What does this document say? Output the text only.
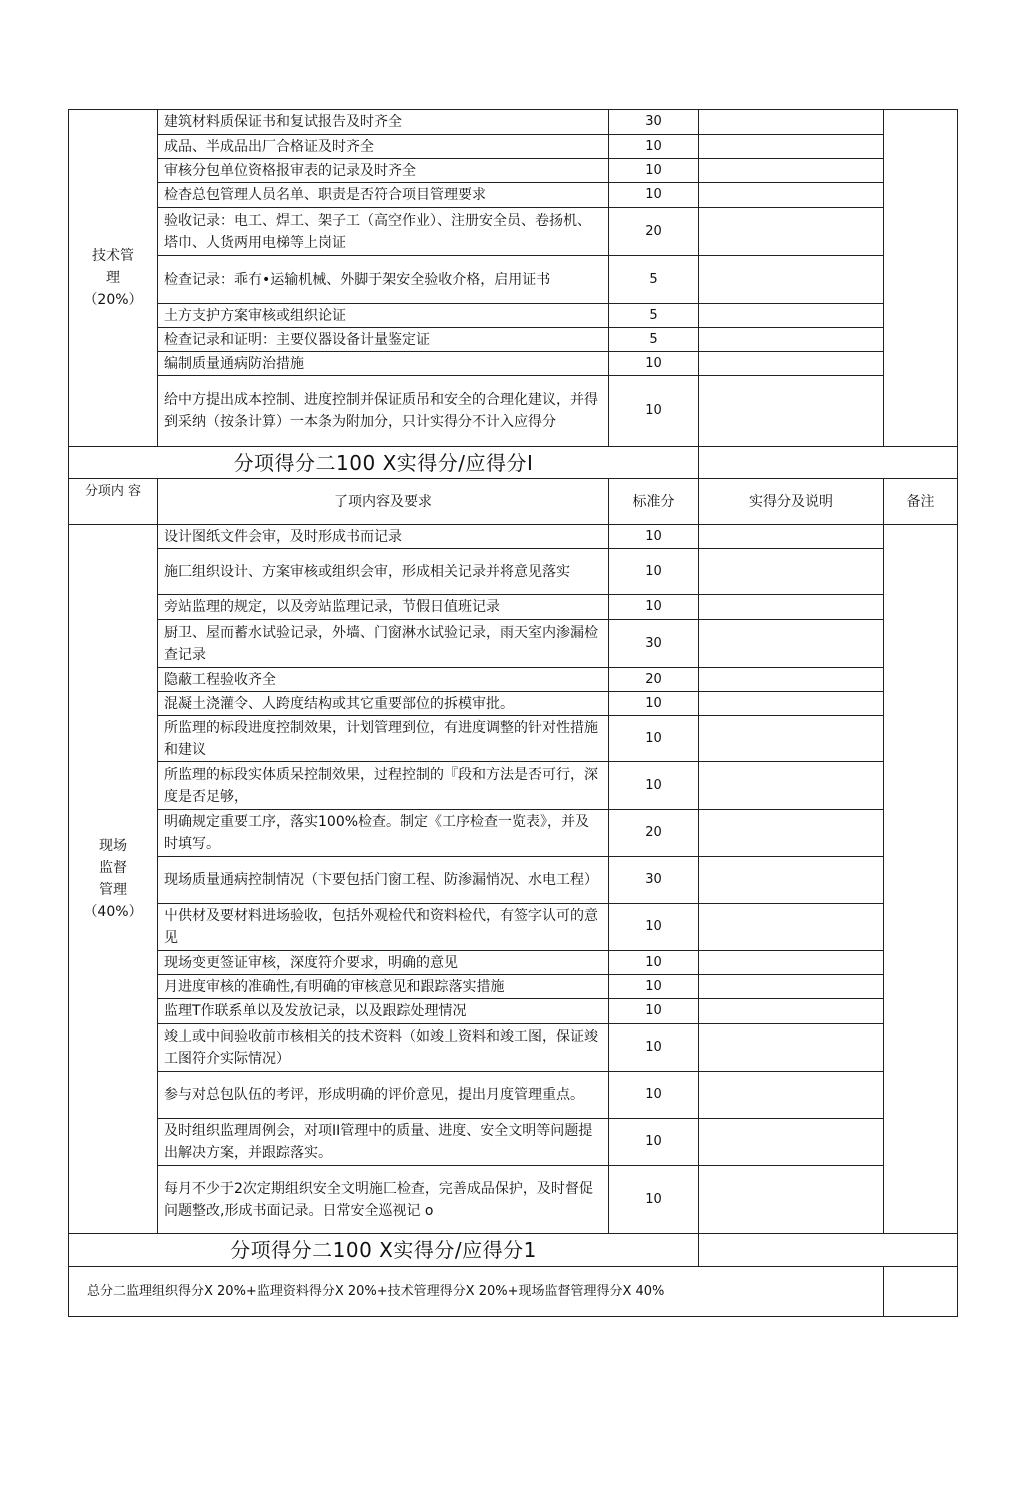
技术管
理
（20%）	建筑材料质保证书和复试报告及时齐全	30		
	成品、半成品出厂合格证及时齐全	10		
	审核分包单位资格报审表的记录及时齐全	10		
	检杳总包管理人员名单、职责是否符合项目管理要求	10		
	验收记录：电工、焊工、架子工（高空作业）、注册安全员、卷扬机、塔巾、人货两用电梯等上岗证	20		
	检查记录：乖冇•运输机械、外脚于架安全验收介格，启用证书	5		
	土方支护方案审核或组织论证	5		
	检查记录和证明：主要仪器设备计量鉴定证	5		
	编制质量通病防治措施	10		
	给中方提出成本控制、进度控制并保证质吊和安全的合理化建议，并得到采纳（按条计算）一本条为附加分，只计实得分不计入应得分	10		
分项得分二100 X实得分/应得分I				
分项内 容	了项内容及要求	标准分	实得分及说明	备注
现场
监督
管理
（40%）	设计图纸文件会审，及时形成书而记录	10		
	施匚组织设计、方案审核或组织会审，形成相关记录并将意见落实	10		
	旁站监理的规定，以及旁站监理记录，节假日值班记录	10		
	厨卫、屋而蓄水试验记录，外墙、门窗淋水试验记录，雨天室内渗漏检查记录	30		
	隐蔽工程验收齐全	20		
	混凝土浇灌令、人跨度结构或其它重要部位的拆模审批。	10		
	所监理的标段进度控制效果，计划管理到位，有进度调整的针对性措施和建议	10		
	所监理的标段实体质呆控制效果，过程控制的『段和方法是否可行，深度是否足够，	10		
	明确规定重要工序，落实100%检查。制定《工序检查一览表》，并及时填写。	20		
	现场质量通病控制情况（卞要包括门窗工程、防渗漏悄况、水电工程）	30		
	屮供材及要材料进场验收，包括外观检代和资料检代，有签字认可的意见	10		
	现场变更签证审核，深度符介要求，明确的意见	10		
	月进度审核的准确性,有明确的审核意见和跟踪落实措施	10		
	监理T作联系单以及发放记录，以及跟踪处理情况	10		
	竣丄或中间验收前市核相关的技术资料（如竣丄资料和竣工图，保证竣工图符介实际情况）	10		
	参与对总包队伍的考评，形成明确的评价意见，提出月度管理重点。	10		
	及时组织监理周例会，对项II管理中的质量、进度、安全文明等问题提出解决方案，并跟踪落实。	10		
	每月不少于2次定期组织安全文明施匚检查，完善成品保护，及时督促问题整改,形成书面记录。日常安全巡视记 o	10		
分项得分二100 X实得分/应得分1				
总分二监理组织得分X 20%+监理资料得分X 20%+技术管理得分X 20%+现场监督管理得分X 40%				
